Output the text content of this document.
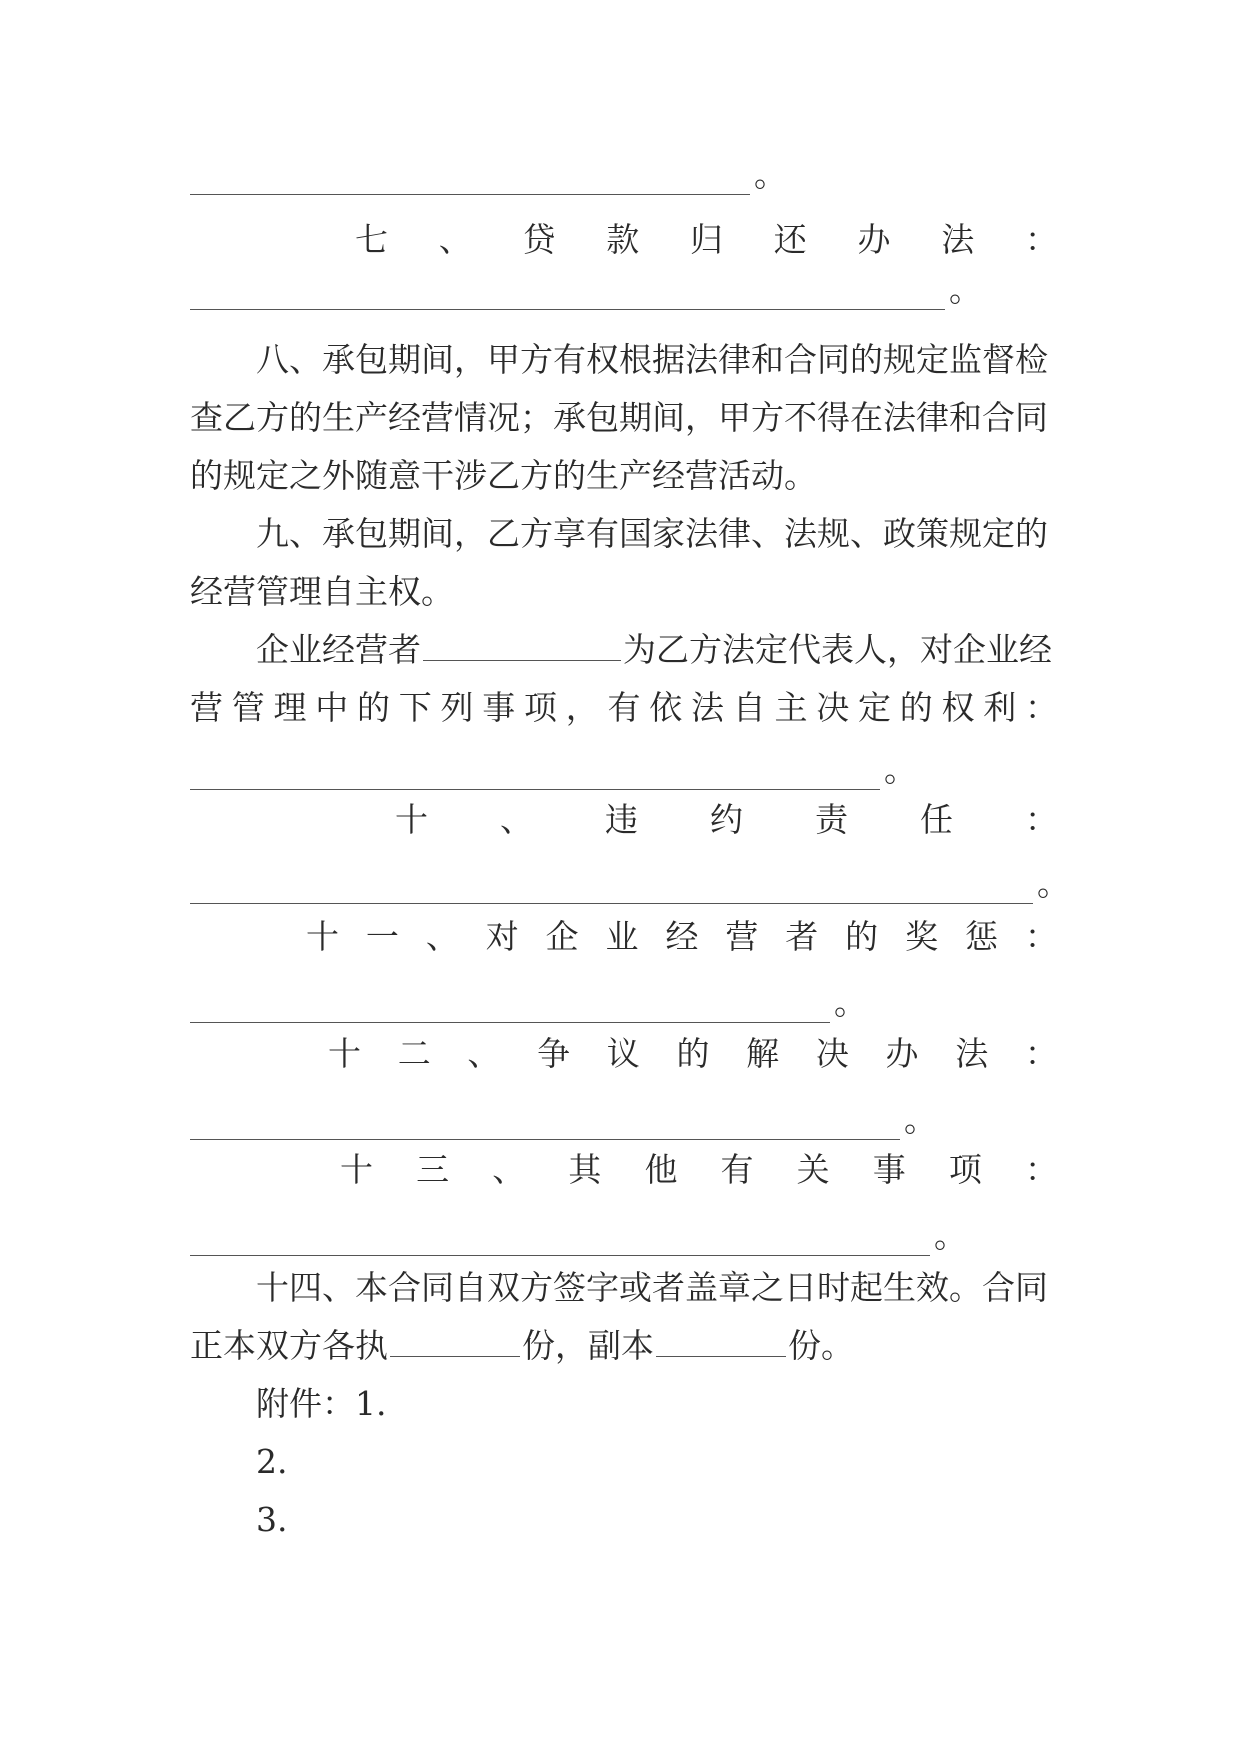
。
七 、 贷 款 归 还 办 法 ：
。
八、承包期间，甲方有权根据法律和合同的规定监督检
查乙方的生产经营情况；承包期间，甲方不得在法律和合同
的规定之外随意干涉乙方的生产经营活动。
九、承包期间，乙方享有国家法律、法规、政策规定的
经营管理自主权。
企业经营者	为乙方法定代表人，对企业经
营 管 理 中 的 下 列 事 项 ， 有 依 法 自 主 决 定 的 权 利 ：
。
十 、 违 约 责 任 ：
。
十 一 、 对 企 业 经 营 者 的 奖 惩 ：
。
十 二 、 争 议 的 解 决 办 法 ：
。
十 三 、 其 他 有 关 事 项 ：
。
十四、本合同自双方签字或者盖章之日时起生效。合同
正本双方各执	份，副本	份。
附件：1.
2.
3.
